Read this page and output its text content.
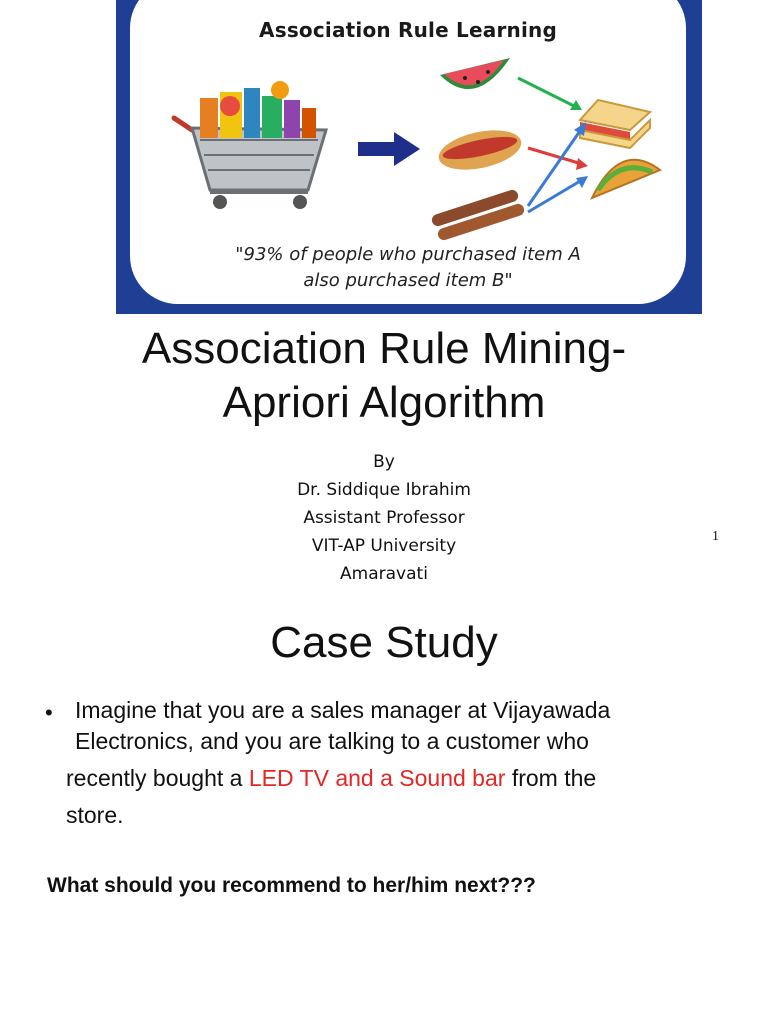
Association Rule Learning
"93% of people who purchased item A
also purchased item B"
Association Rule Mining-
Apriori Algorithm
By
Dr. Siddique Ibrahim
Assistant Professor
VIT-AP University
Amaravati
1
Case Study
• Imagine that you are a sales manager at Vijayawada
Electronics, and you are talking to a customer who
recently bought a LED TV and a Sound bar from the
store.
What should you recommend to her/him next???
